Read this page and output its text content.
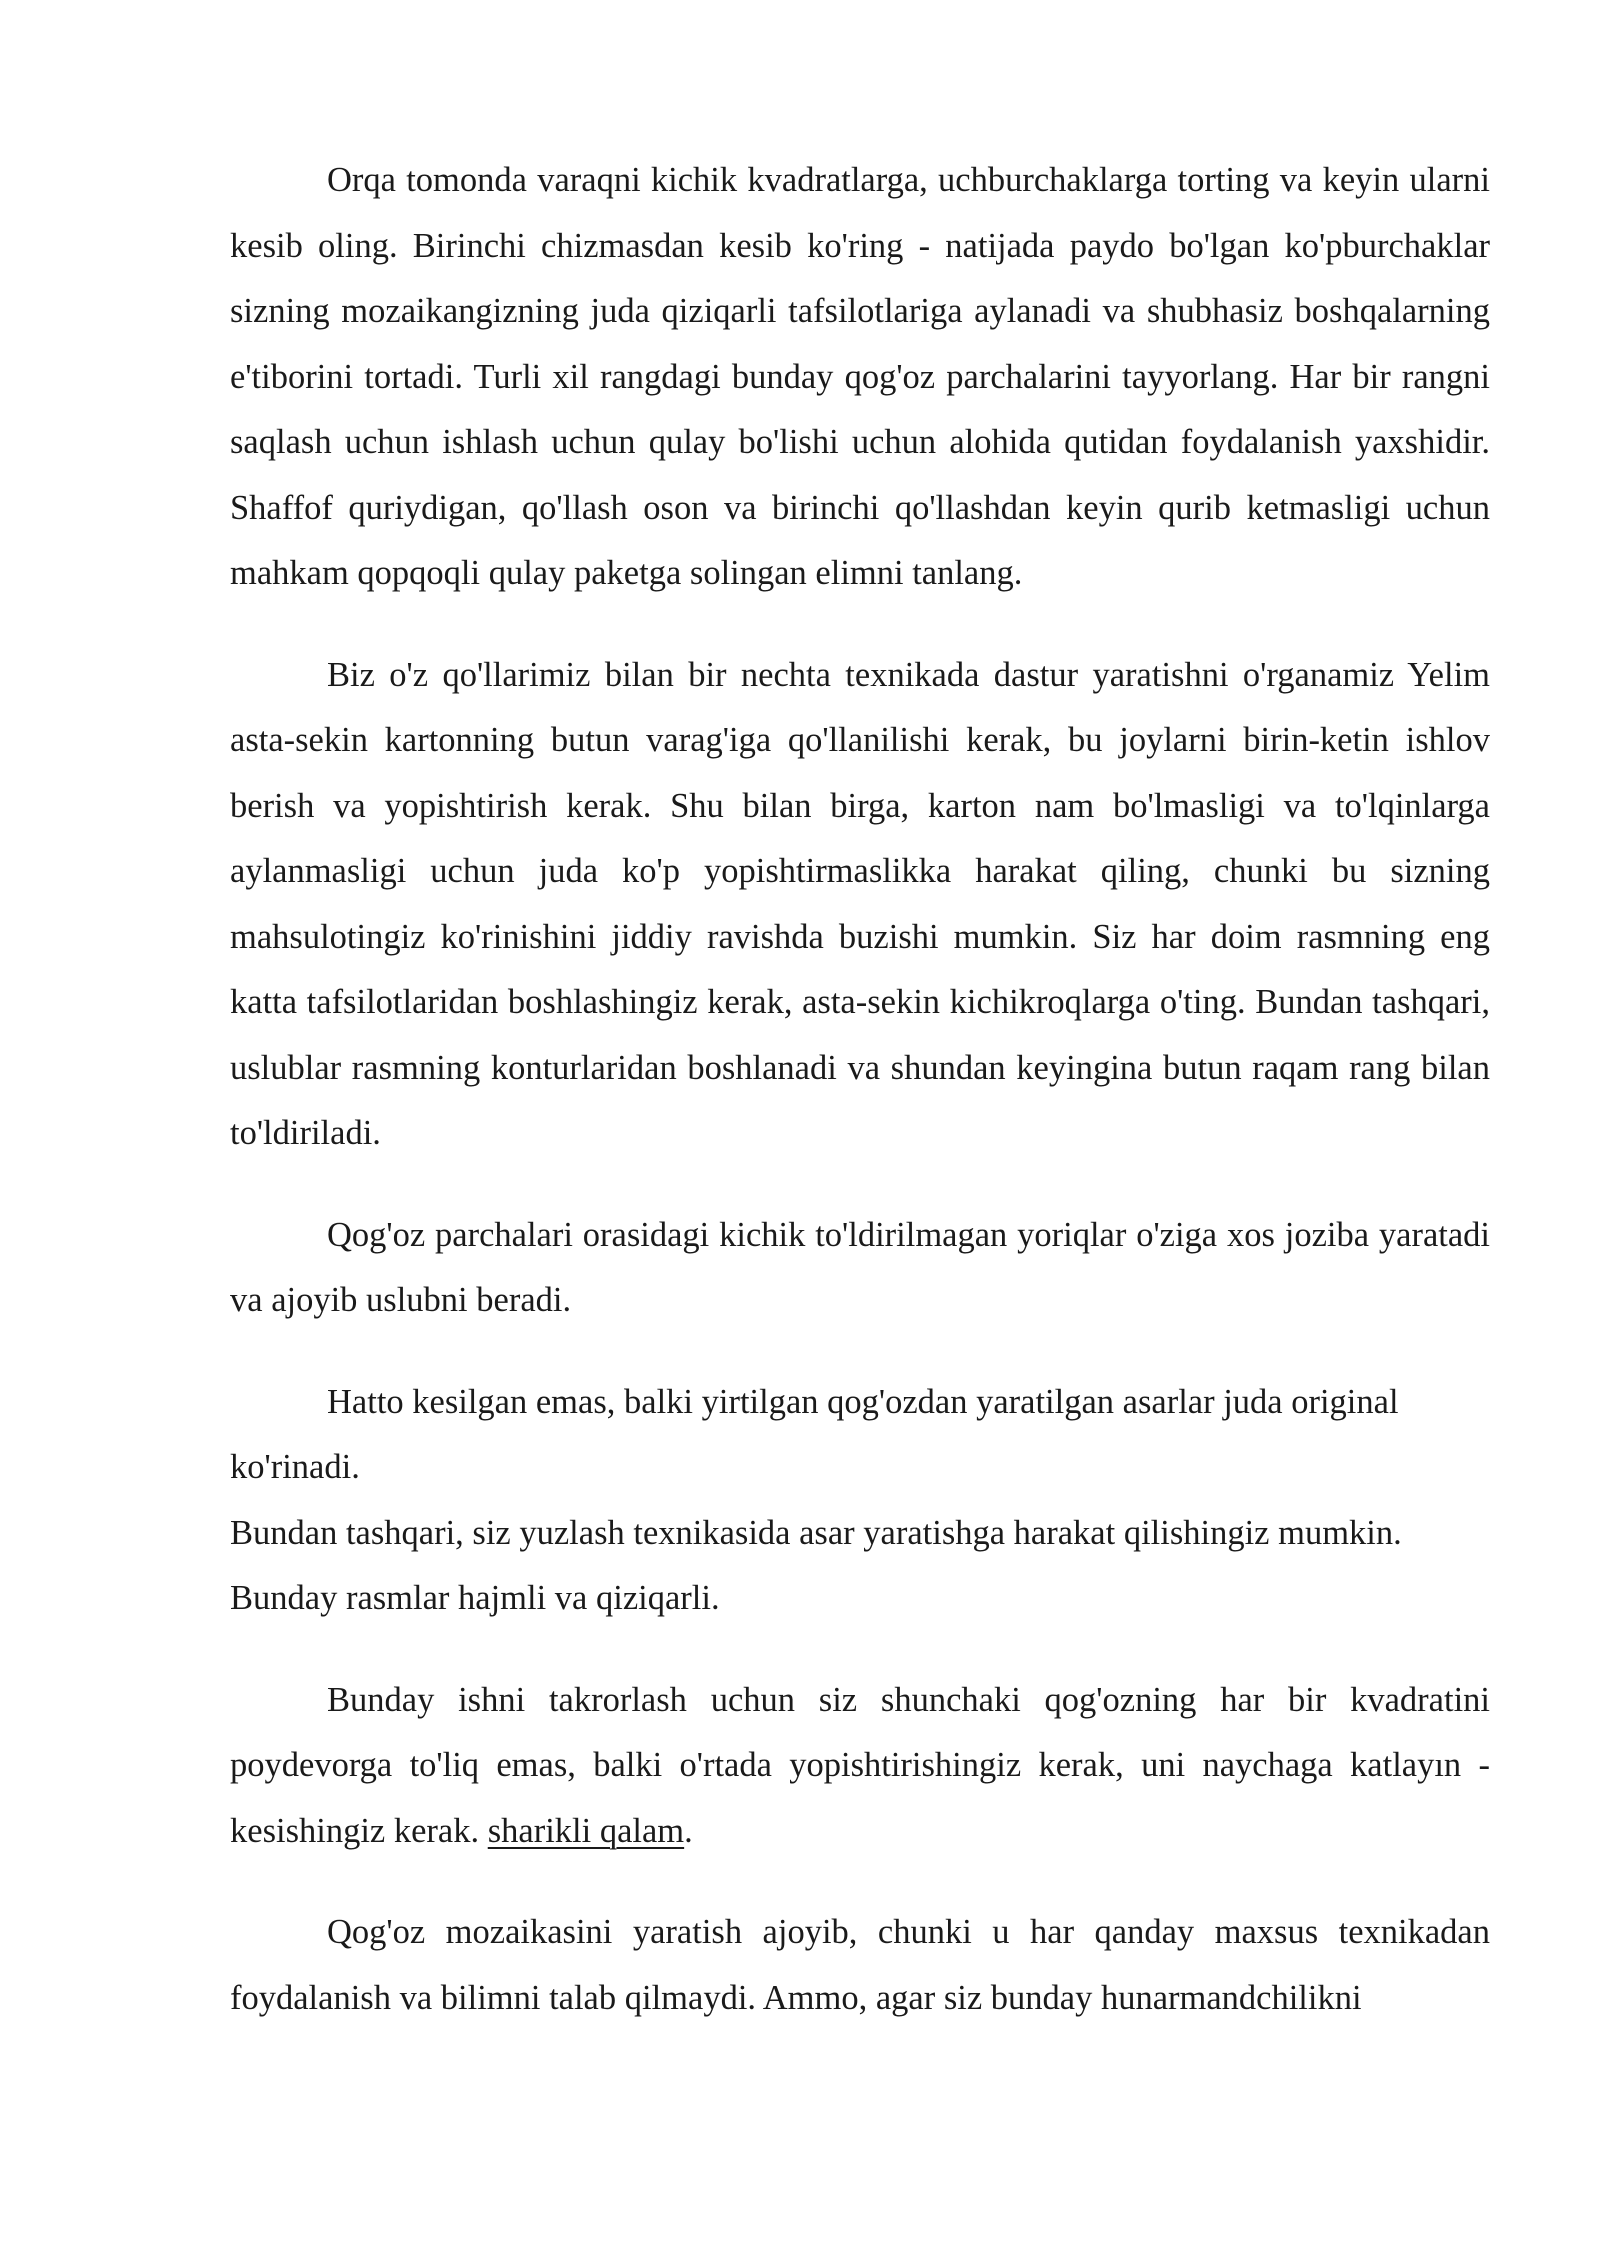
Orqa tomonda varaqni kichik kvadratlarga, uchburchaklarga torting va keyin ularni kesib oling. Birinchi chizmasdan kesib ko'ring - natijada paydo bo'lgan ko'pburchaklar sizning mozaikangizning juda qiziqarli tafsilotlariga aylanadi va shubhasiz boshqalarning e'tiborini tortadi. Turli xil rangdagi bunday qog'oz parchalarini tayyorlang. Har bir rangni saqlash uchun ishlash uchun qulay bo'lishi uchun alohida qutidan foydalanish yaxshidir. Shaffof quriydigan, qo'llash oson va birinchi qo'llashdan keyin qurib ketmasligi uchun mahkam qopqoqli qulay paketga solingan elimni tanlang.

Biz o'z qo'llarimiz bilan bir nechta texnikada dastur yaratishni o'rganamiz Yelim asta-sekin kartonning butun varag'iga qo'llanilishi kerak, bu joylarni birin-ketin ishlov berish va yopishtirish kerak. Shu bilan birga, karton nam bo'lmasligi va to'lqinlarga aylanmasligi uchun juda ko'p yopishtirmaslikka harakat qiling, chunki bu sizning mahsulotingiz ko'rinishini jiddiy ravishda buzishi mumkin. Siz har doim rasmning eng katta tafsilotlaridan boshlashingiz kerak, asta-sekin kichikroqlarga o'ting. Bundan tashqari, uslublar rasmning konturlaridan boshlanadi va shundan keyingina butun raqam rang bilan to'ldiriladi.

Qog'oz parchalari orasidagi kichik to'ldirilmagan yoriqlar o'ziga xos joziba yaratadi va ajoyib uslubni beradi.

Hatto kesilgan emas, balki yirtilgan qog'ozdan yaratilgan asarlar juda original

ko'rinadi.

Bundan tashqari, siz yuzlash texnikasida asar yaratishga harakat qilishingiz mumkin.

Bunday rasmlar hajmli va qiziqarli.

Bunday ishni takrorlash uchun siz shunchaki qog'ozning har bir kvadratini poydevorga to'liq emas, balki o'rtada yopishtirishingiz kerak, uni naychaga katlayın - kesishingiz kerak. sharikli qalam.

Qog'oz mozaikasini yaratish ajoyib, chunki u har qanday maxsus texnikadan foydalanish va bilimni talab qilmaydi. Ammo, agar siz bunday hunarmandchilikni
